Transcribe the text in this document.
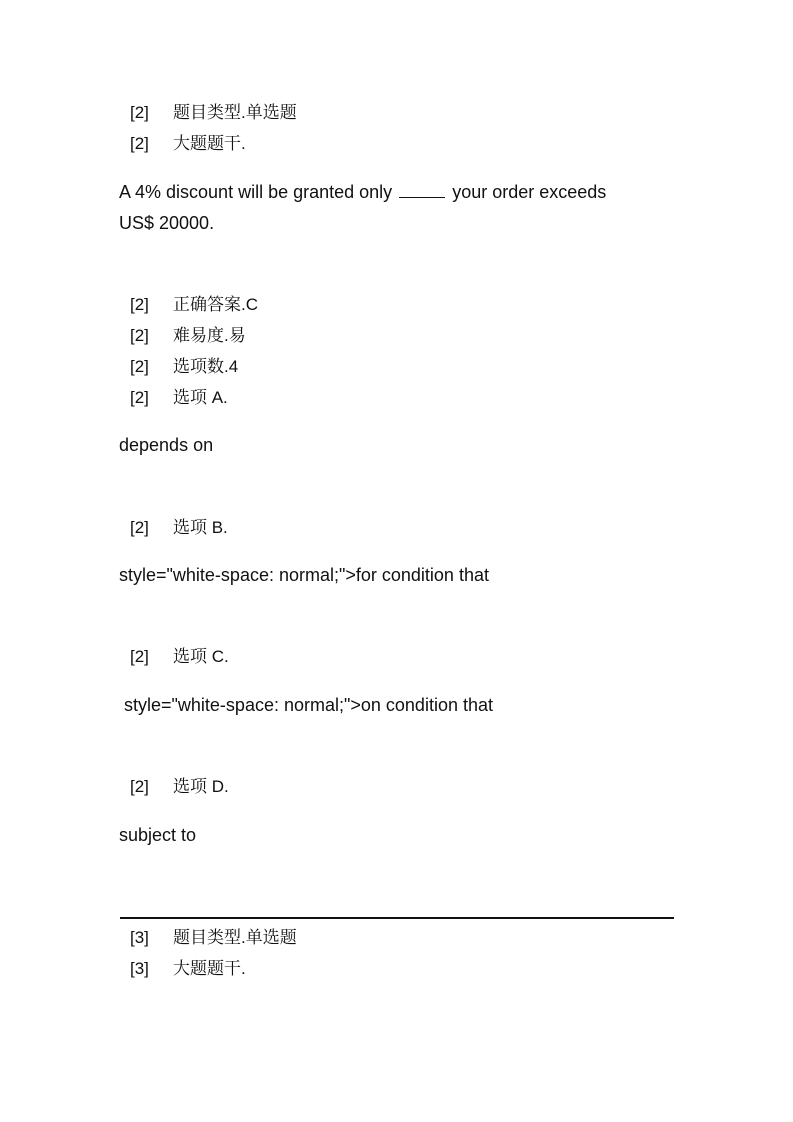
[2] 题目类型.单选题
[2] 大题题干.
A 4% discount will be granted only	your order exceeds
US$ 20000.
[2] 正确答案.C
[2] 难易度.易
[2] 选项数.4
[2] 选项 A.
depends on
[2] 选项 B.
style="white-space: normal;">for condition that
[2] 选项 C.
style="white-space: normal;">on condition that
[2] 选项 D.
subject to
[3] 题目类型.单选题
[3] 大题题干.
